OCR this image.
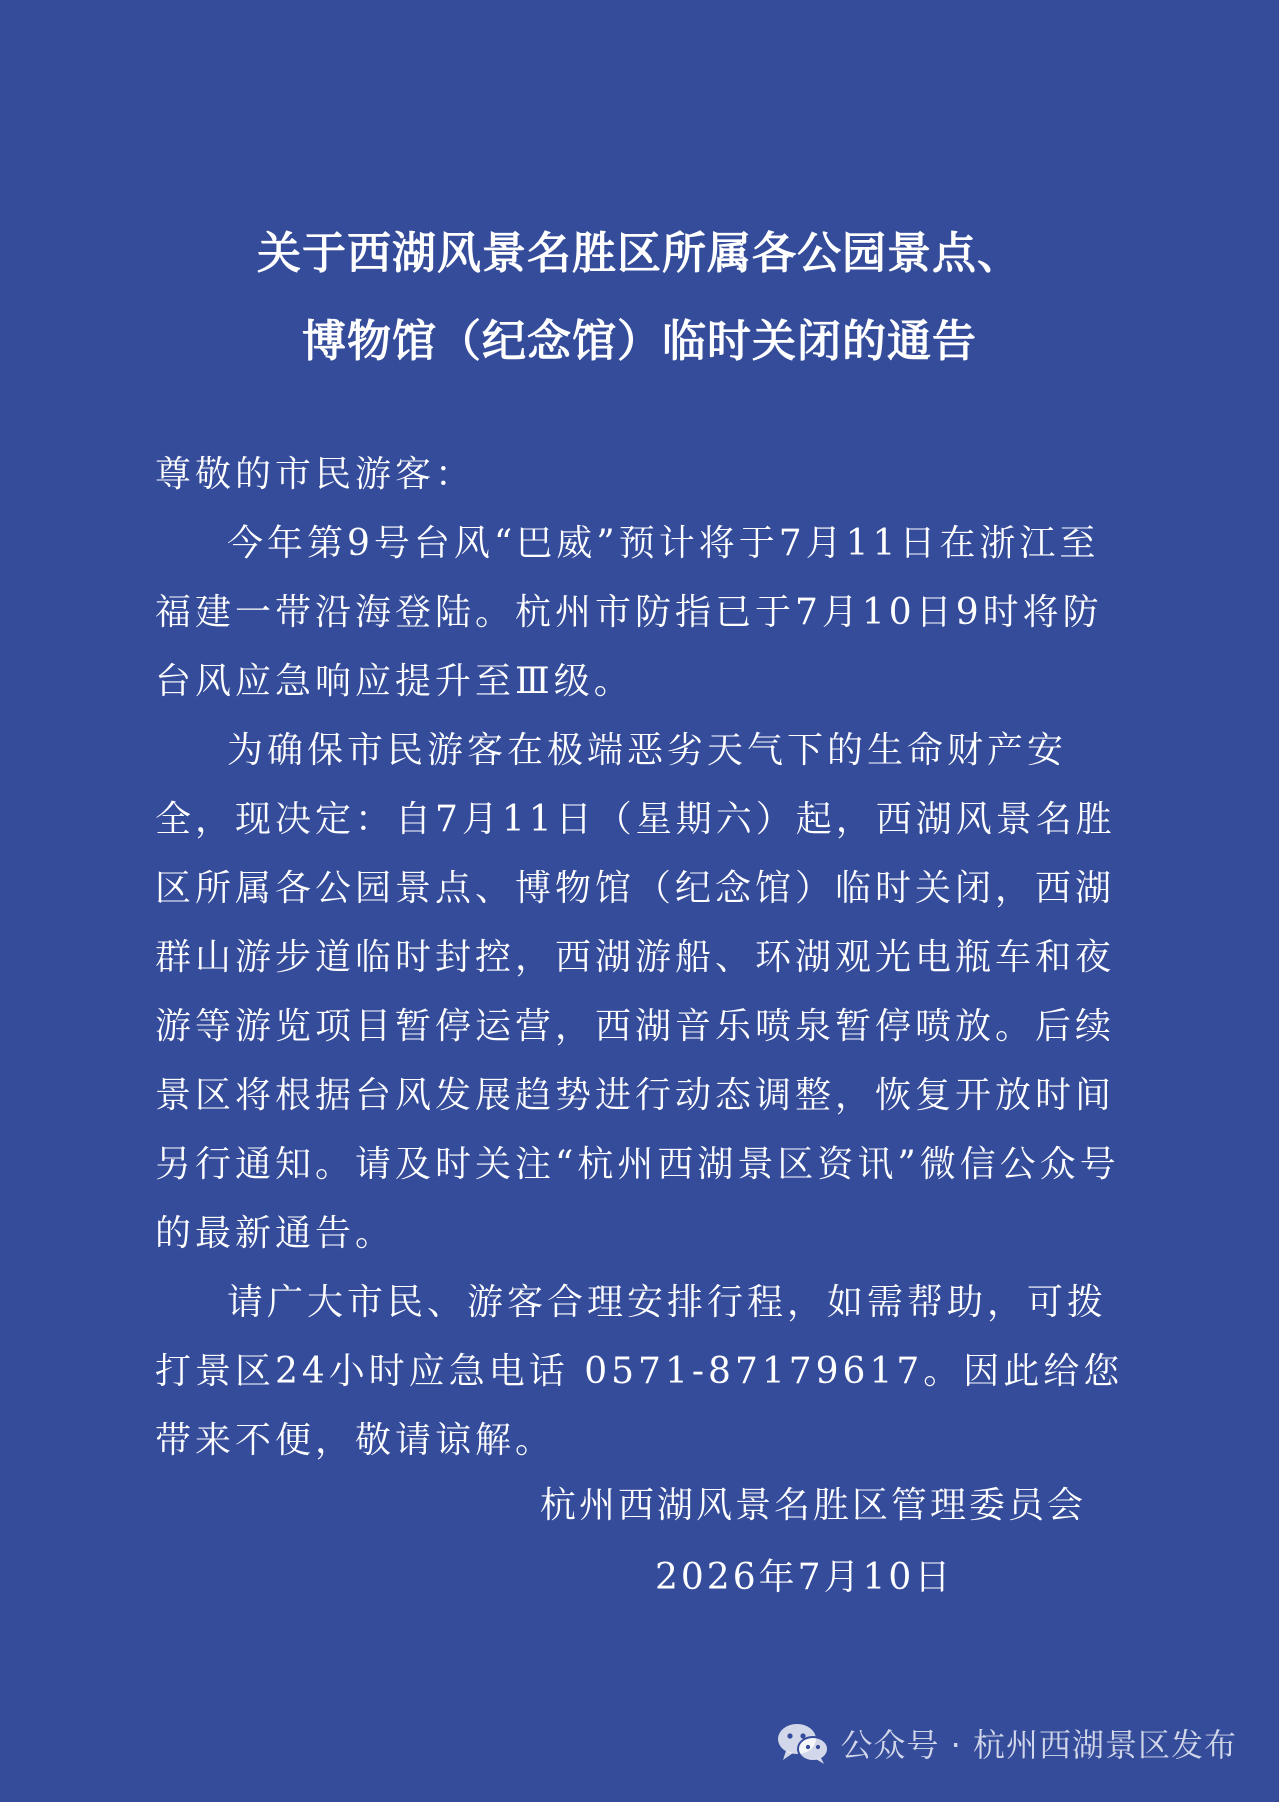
关于西湖风景名胜区所属各公园景点、
博物馆（纪念馆）临时关闭的通告

尊敬的市民游客：

今年第9号台风“巴威”预计将于7月11日在浙江至福建一带沿海登陆。杭州市防指已于7月10日9时将防台风应急响应提升至Ⅲ级。

为确保市民游客在极端恶劣天气下的生命财产安全，现决定：自7月11日（星期六）起，西湖风景名胜区所属各公园景点、博物馆（纪念馆）临时关闭，西湖群山游步道临时封控，西湖游船、环湖观光电瓶车和夜游等游览项目暂停运营，西湖音乐喷泉暂停喷放。后续景区将根据台风发展趋势进行动态调整，恢复开放时间另行通知。请及时关注“杭州西湖景区资讯”微信公众号的最新通告。

请广大市民、游客合理安排行程，如需帮助，可拨打景区24小时应急电话 0571-87179617。因此给您带来不便，敬请谅解。

杭州西湖风景名胜区管理委员会
2026年7月10日
公众号 · 杭州西湖景区发布
